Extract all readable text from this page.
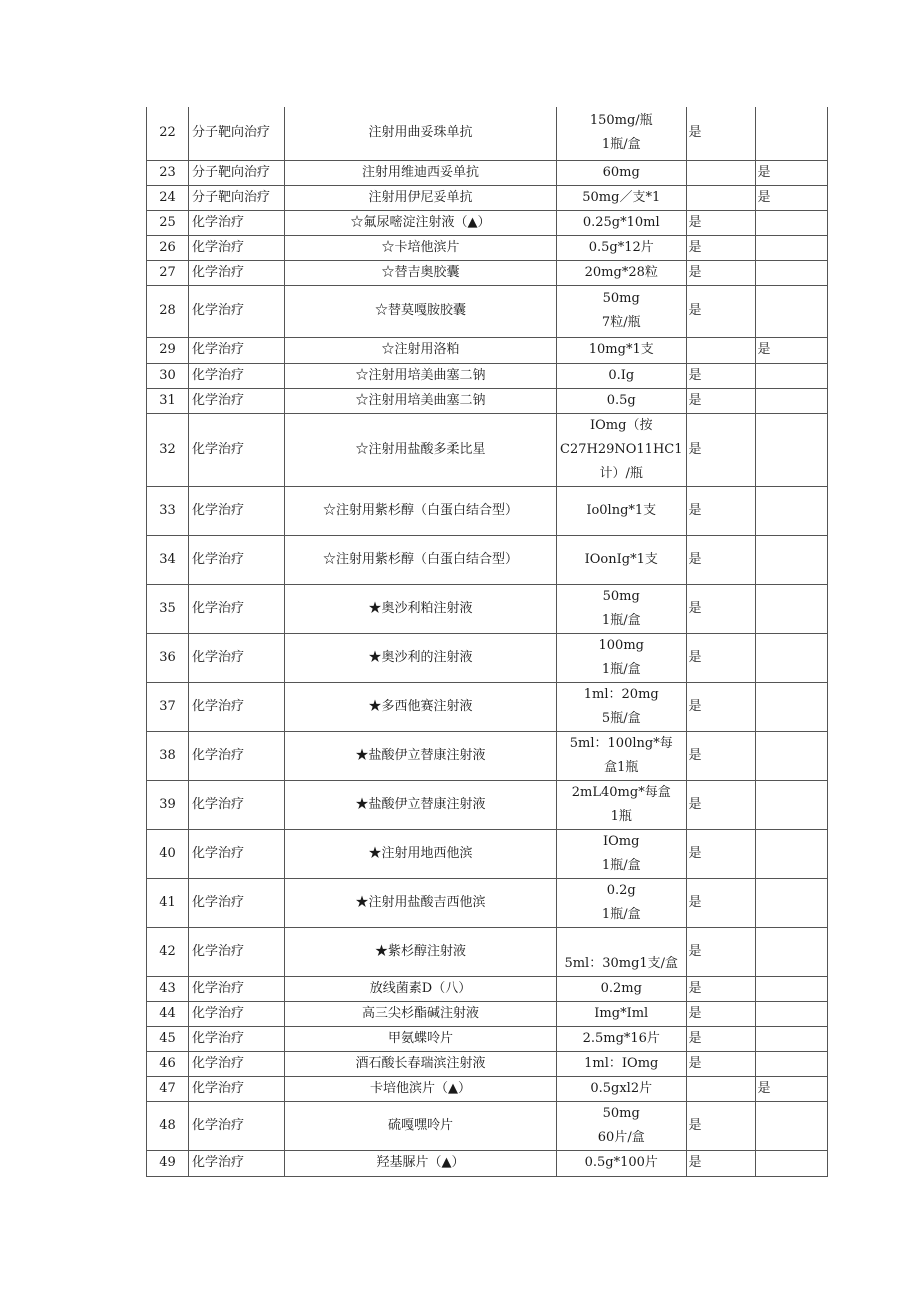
22	分子靶向治疗	注射用曲妥珠单抗	150mg/瓶
1瓶/盒	是	
23	分子靶向治疗	注射用维迪西妥单抗	60mg		是
24	分子靶向治疗	注射用伊尼妥单抗	50mg／支*1		是
25	化学治疗	☆氟尿嘧淀注射液（▲）	0.25g*10ml	是	
26	化学治疗	☆卡培他滨片	0.5g*12片	是	
27	化学治疗	☆替吉奥胶囊	20mg*28粒	是	
28	化学治疗	☆替莫嘎胺胶囊	50mg
7粒/瓶	是	
29	化学治疗	☆注射用洛粕	10mg*1支		是
30	化学治疗	☆注射用培美曲塞二钠	0.Ig	是	
31	化学治疗	☆注射用培美曲塞二钠	0.5g	是	
32	化学治疗	☆注射用盐酸多柔比星	IOmg（按
C27H29NO11HC1
计）/瓶	是	
33	化学治疗	☆注射用紫杉醇（白蛋白结合型）	Io0lng*1支	是	
34	化学治疗	☆注射用紫杉醇（白蛋白结合型）	IOonIg*1支	是	
35	化学治疗	★奥沙利粕注射液	50mg
1瓶/盒	是	
36	化学治疗	★奥沙利的注射液	100mg
1瓶/盒	是	
37	化学治疗	★多西他赛注射液	1ml：20mg
5瓶/盒	是	
38	化学治疗	★盐酸伊立替康注射液	5ml：100lng*每
盒1瓶	是	
39	化学治疗	★盐酸伊立替康注射液	2mL40mg*每盒
1瓶	是	
40	化学治疗	★注射用地西他滨	IOmg
1瓶/盒	是	
41	化学治疗	★注射用盐酸吉西他滨	0.2g
1瓶/盒	是	
42	化学治疗	★紫杉醇注射液	5ml：30mg1支/盒	是	
43	化学治疗	放线菌素D（八）	0.2mg	是	
44	化学治疗	高三尖杉酯碱注射液	Img*Iml	是	
45	化学治疗	甲氨蝶呤片	2.5mg*16片	是	
46	化学治疗	酒石酸长春瑞滨注射液	1ml：IOmg	是	
47	化学治疗	卡培他滨片（▲）	0.5gxl2片		是
48	化学治疗	硫嘎嘿呤片	50mg
60片/盒	是	
49	化学治疗	羟基脲片（▲）	0.5g*100片	是	
